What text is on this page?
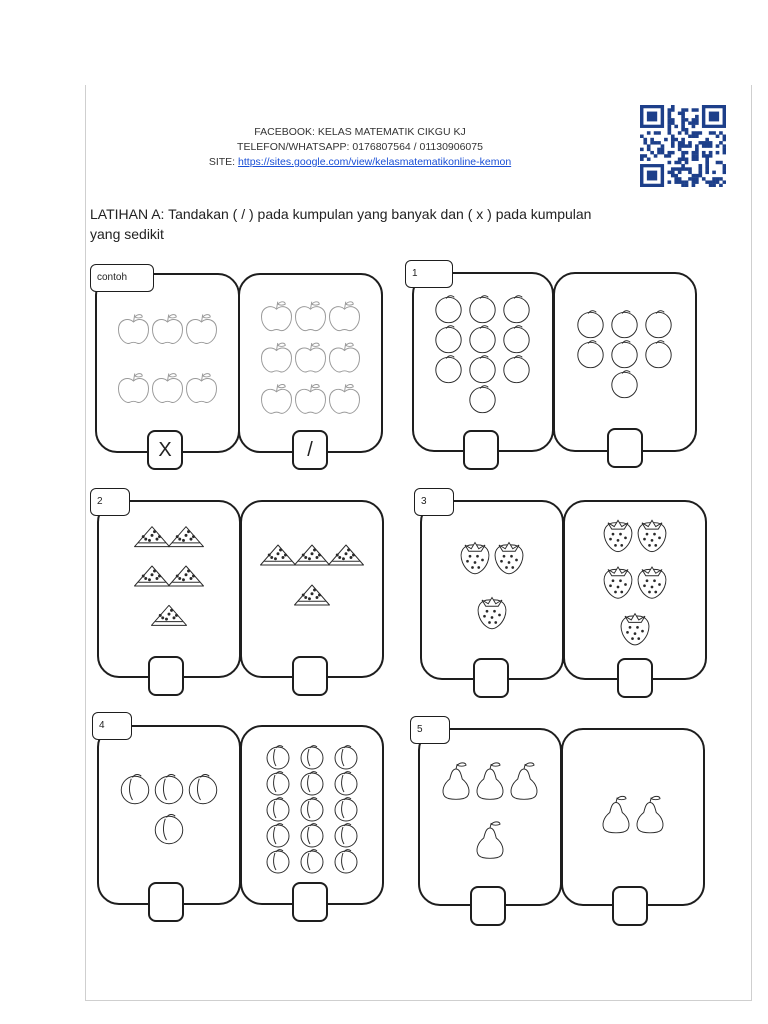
FACEBOOK: KELAS MATEMATIK CIKGU KJ
TELEFON/WHATSAPP: 0176807564 / 01130906075
SITE: https://sites.google.com/view/kelasmatematikonline-kemon
LATIHAN A: Tandakan ( / ) pada kumpulan yang banyak dan ( x ) pada kumpulan
yang sedikit
contoh
X	/
1
2	3
4	5
